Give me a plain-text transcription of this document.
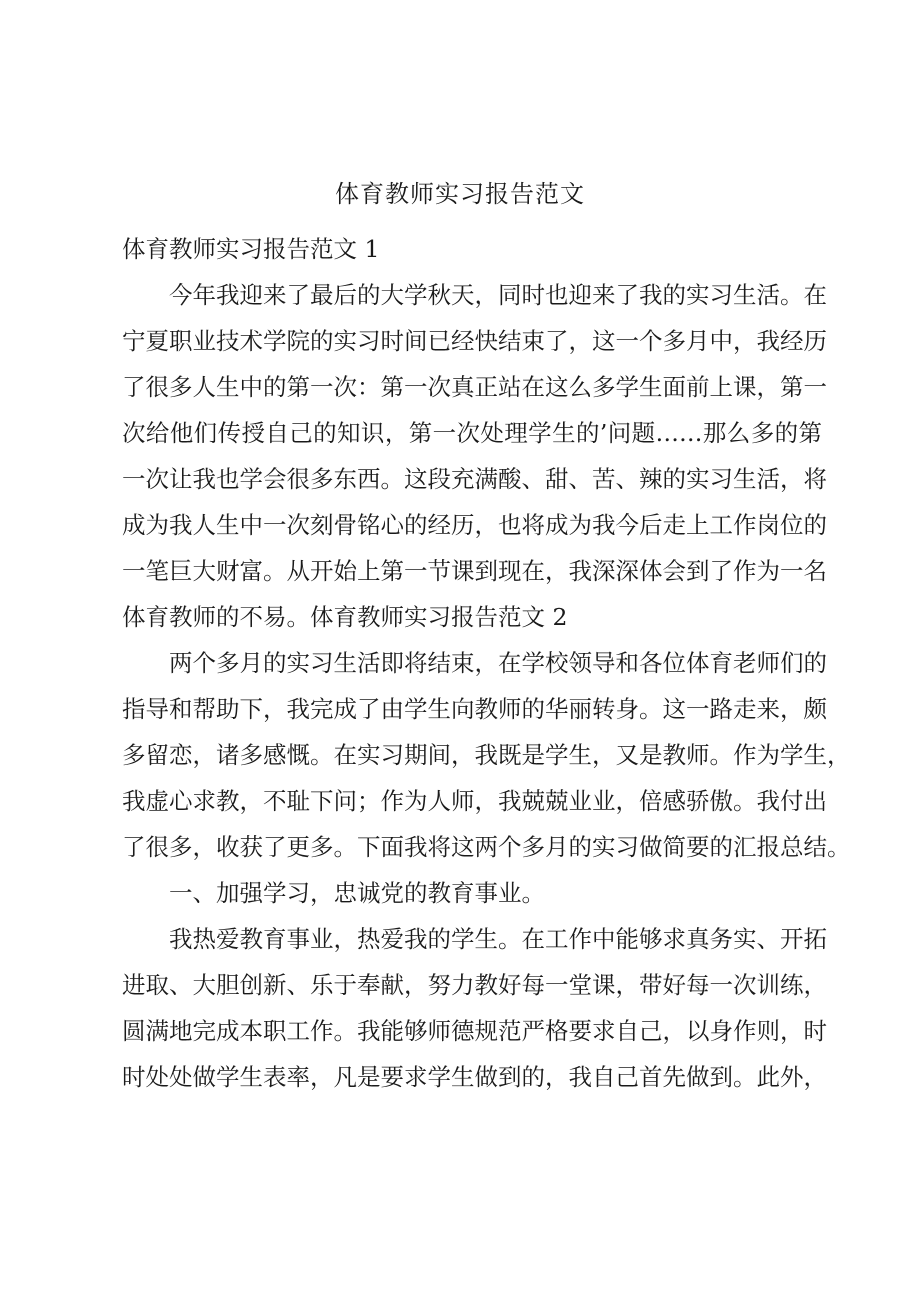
体育教师实习报告范文

体育教师实习报告范文 1

今年我迎来了最后的大学秋天，同时也迎来了我的实习生活。在
宁夏职业技术学院的实习时间已经快结束了，这一个多月中，我经历
了很多人生中的第一次：第一次真正站在这么多学生面前上课，第一
次给他们传授自己的知识，第一次处理学生的’问题……那么多的第
一次让我也学会很多东西。这段充满酸、甜、苦、辣的实习生活，将
成为我人生中一次刻骨铭心的经历，也将成为我今后走上工作岗位的
一笔巨大财富。从开始上第一节课到现在，我深深体会到了作为一名
体育教师的不易。体育教师实习报告范文 2

两个多月的实习生活即将结束，在学校领导和各位体育老师们的
指导和帮助下，我完成了由学生向教师的华丽转身。这一路走来，颇
多留恋，诸多感慨。在实习期间，我既是学生，又是教师。作为学生，
我虚心求教，不耻下问；作为人师，我兢兢业业，倍感骄傲。我付出
了很多，收获了更多。下面我将这两个多月的实习做简要的汇报总结。

一、加强学习，忠诚党的教育事业。

我热爱教育事业，热爱我的学生。在工作中能够求真务实、开拓
进取、大胆创新、乐于奉献，努力教好每一堂课，带好每一次训练，
圆满地完成本职工作。我能够师德规范严格要求自己，以身作则，时
时处处做学生表率，凡是要求学生做到的，我自己首先做到。此外，
